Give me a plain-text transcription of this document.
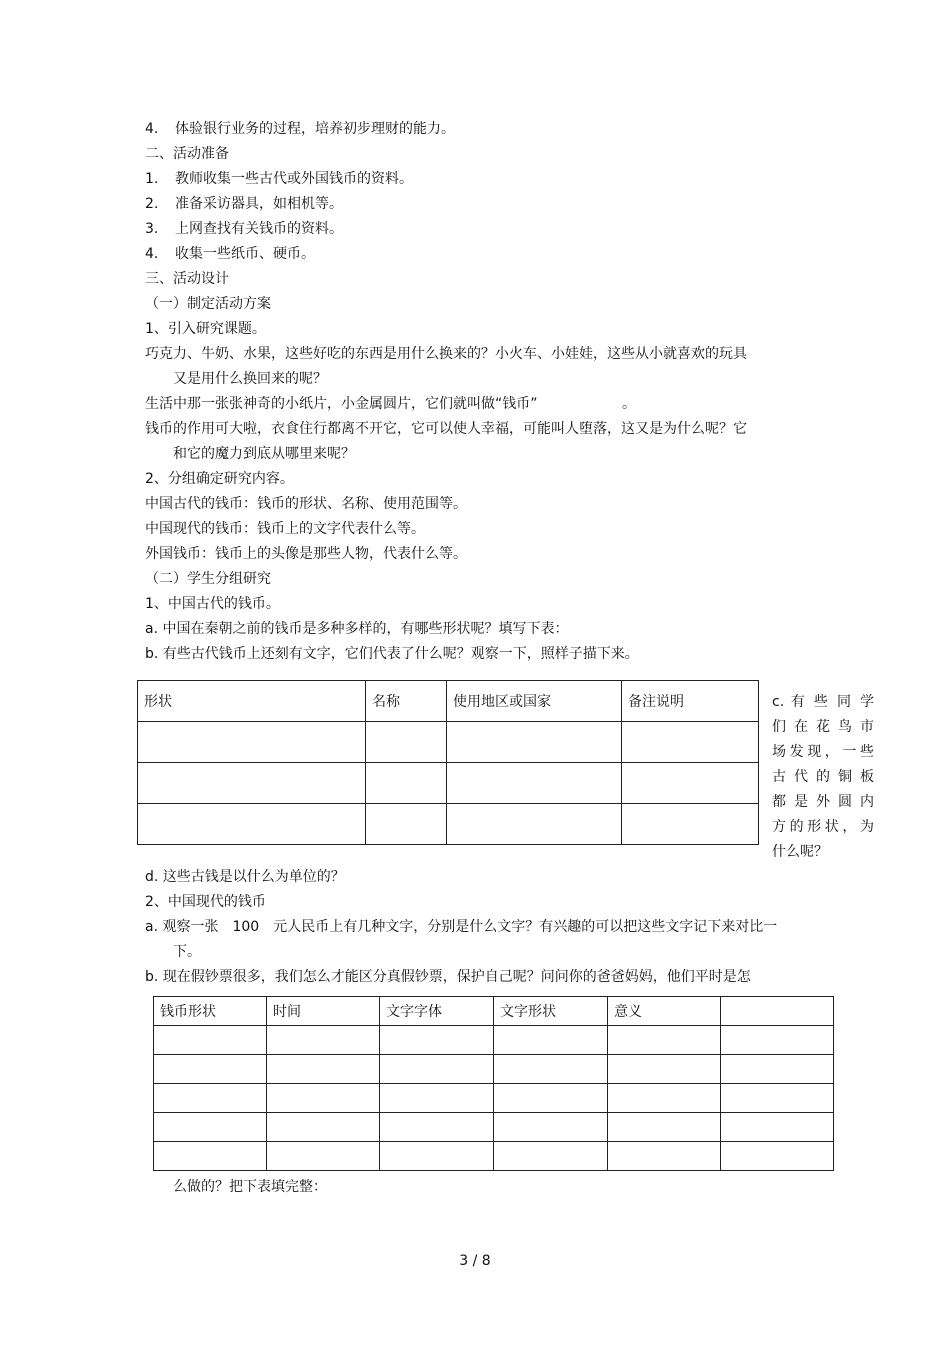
4. 体验银行业务的过程，培养初步理财的能力。
二、活动准备
1. 教师收集一些古代或外国钱币的资料。
2. 准备采访器具，如相机等。
3. 上网查找有关钱币的资料。
4. 收集一些纸币、硬币。
三、活动设计
（一）制定活动方案
1、引入研究课题。
巧克力、牛奶、水果，这些好吃的东西是用什么换来的？小火车、小娃娃，这些从小就喜欢的玩具
又是用什么换回来的呢？
生活中那一张张神奇的小纸片，小金属圆片，它们就叫做“钱币”	。
钱币的作用可大啦，衣食住行都离不开它，它可以使人幸福，可能叫人堕落，这又是为什么呢？它
和它的魔力到底从哪里来呢？
2、分组确定研究内容。
中国古代的钱币：钱币的形状、名称、使用范围等。
中国现代的钱币：钱币上的文字代表什么等。
外国钱币：钱币上的头像是那些人物，代表什么等。
（二）学生分组研究
1、中国古代的钱币。
a. 中国在秦朝之前的钱币是多种多样的，有哪些形状呢？填写下表：
b. 有些古代钱币上还刻有文字，它们代表了什么呢？观察一下，照样子描下来。
形状	名称	使用地区或国家	备注说明

				c. 有 些 同 学
们 在 花 鸟 市
场发现，一些
古 代 的 铜 板
都 是 外 圆 内
方的形状，为
什么呢？
d. 这些古钱是以什么为单位的？
2、中国现代的钱币
a. 观察一张　100　元人民币上有几种文字，分别是什么文字？有兴趣的可以把这些文字记下来对比一
下。
b. 现在假钞票很多，我们怎么才能区分真假钞票，保护自己呢？问问你的爸爸妈妈，他们平时是怎
钱币形状	时间	文字字体	文字形状	意义	

么做的？把下表填完整：
3 / 8
